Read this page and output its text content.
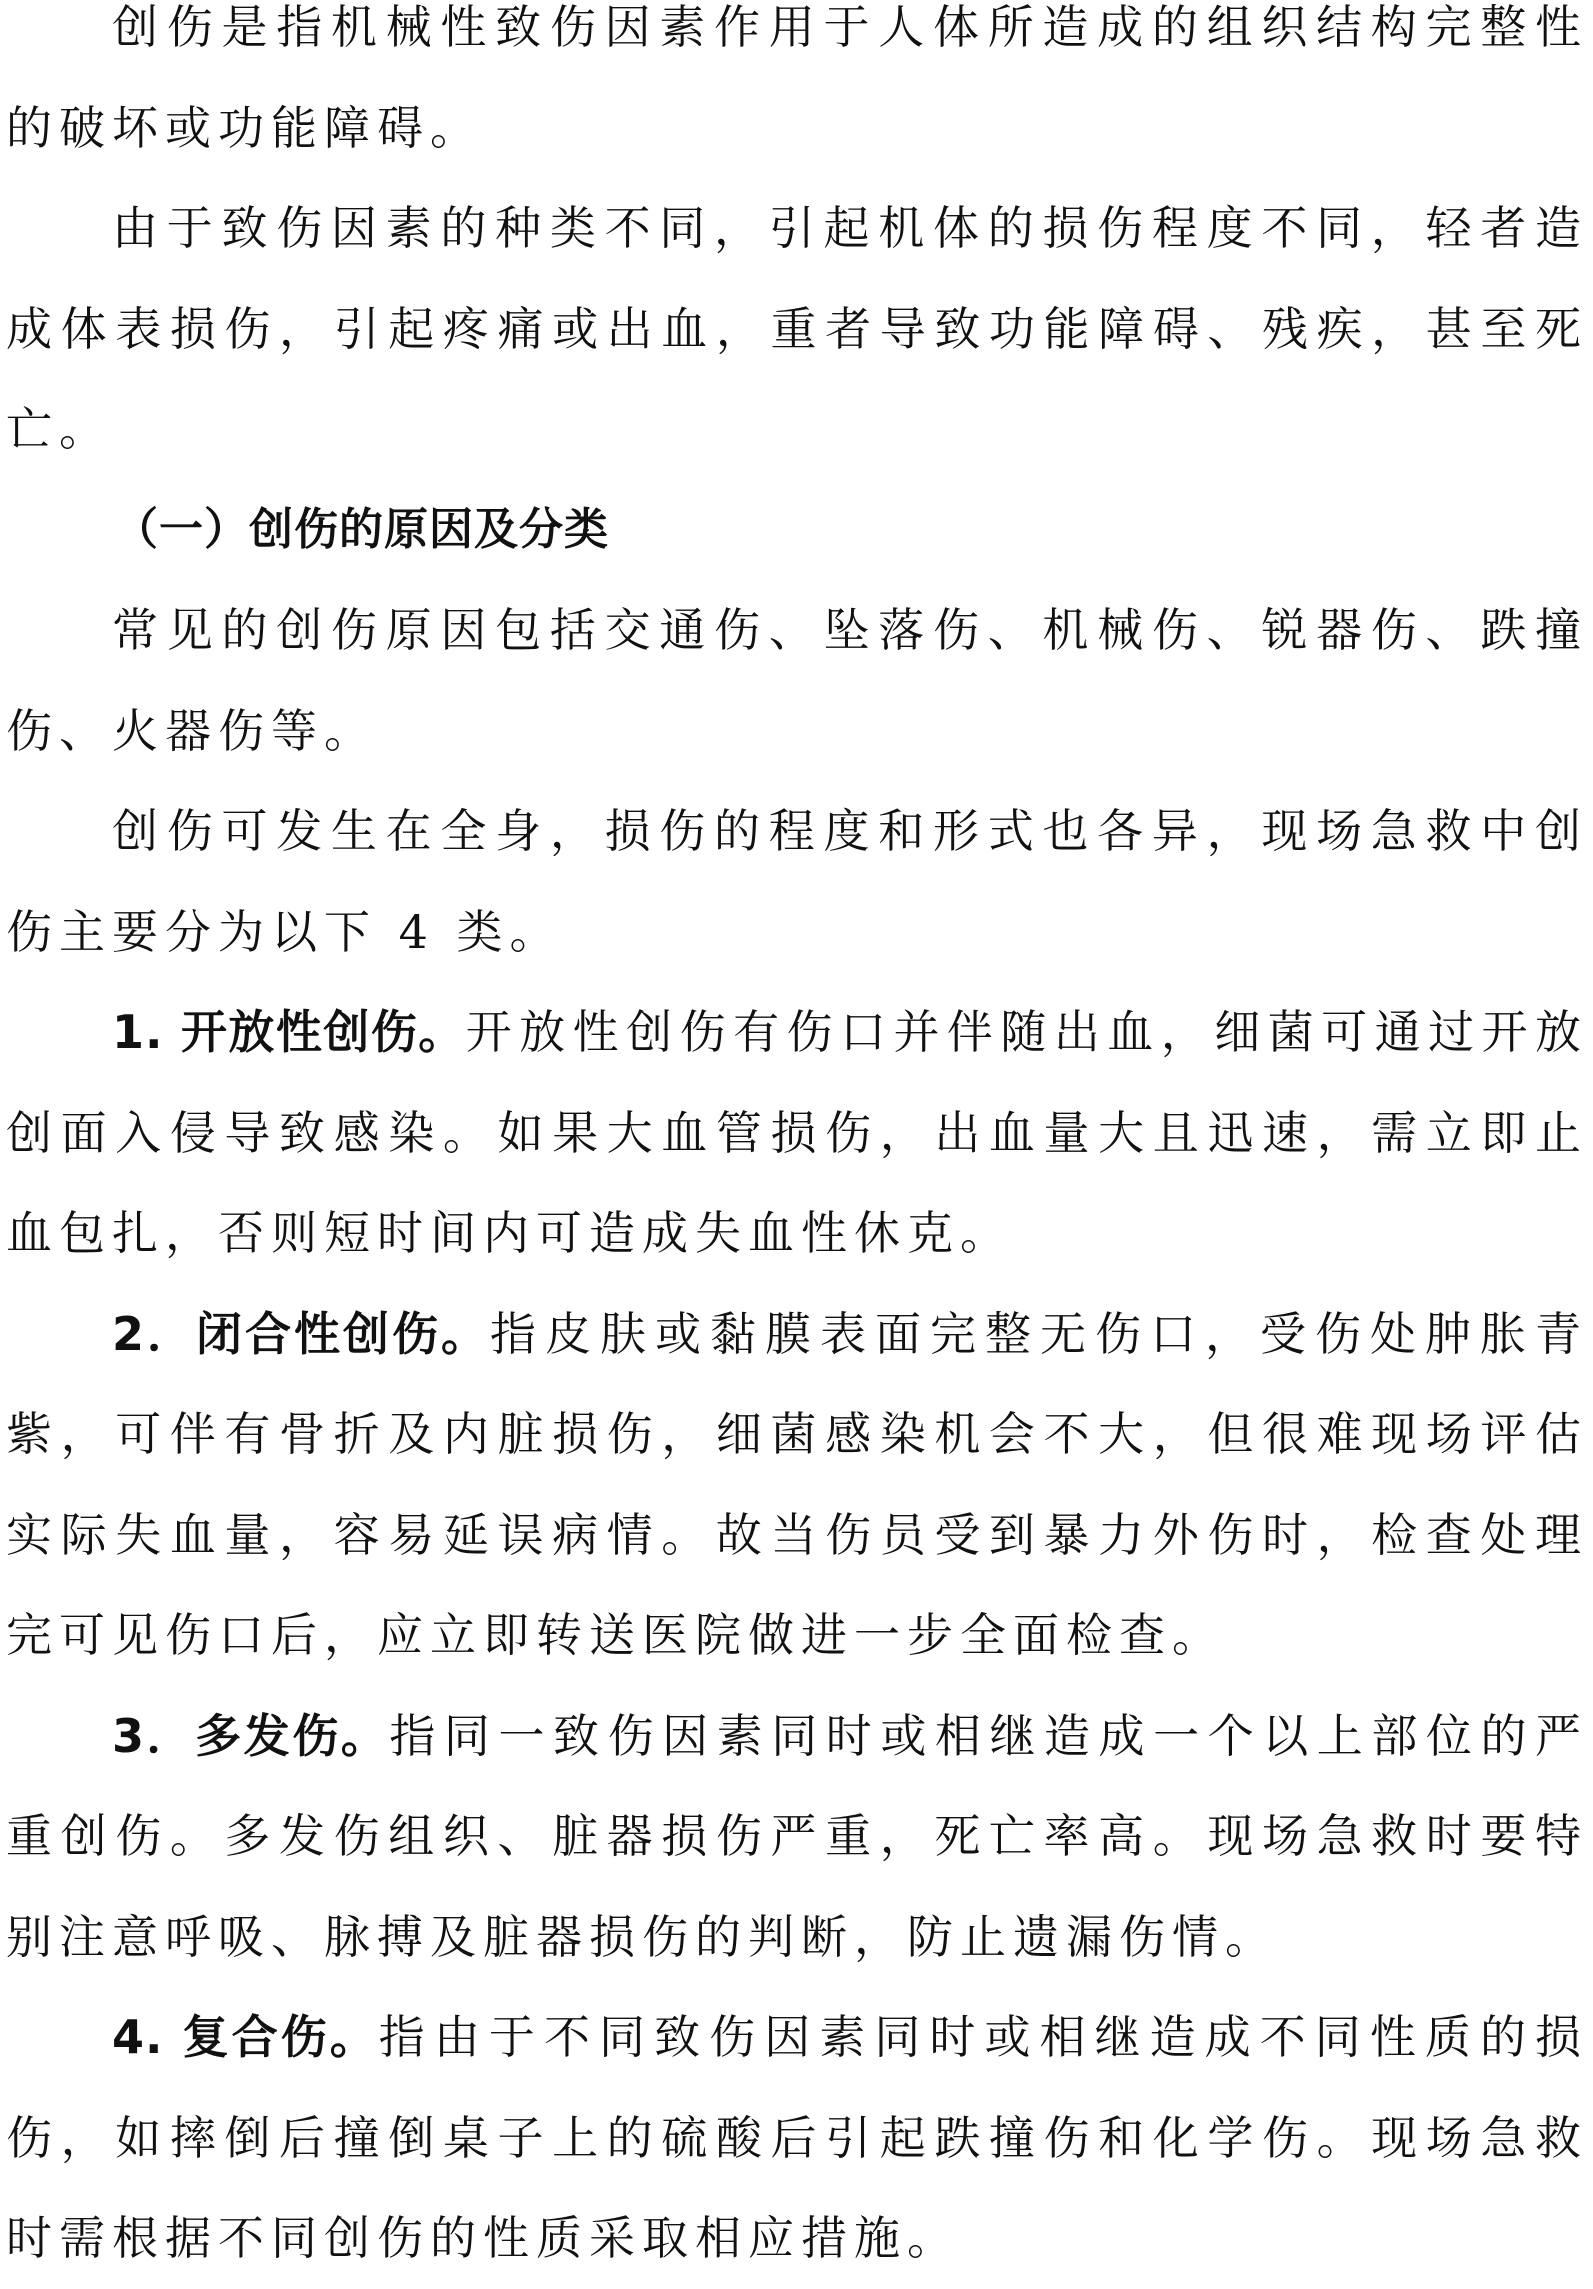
创伤是指机械性致伤因素作用于人体所造成的组织结构完整性的破坏或功能障碍。

由于致伤因素的种类不同，引起机体的损伤程度不同，轻者造成体表损伤，引起疼痛或出血，重者导致功能障碍、残疾，甚至死亡。

（一）创伤的原因及分类

常见的创伤原因包括交通伤、坠落伤、机械伤、锐器伤、跌撞伤、火器伤等。

创伤可发生在全身，损伤的程度和形式也各异，现场急救中创伤主要分为以下 4 类。

1. 开放性创伤。开放性创伤有伤口并伴随出血，细菌可通过开放创面入侵导致感染。如果大血管损伤，出血量大且迅速，需立即止血包扎，否则短时间内可造成失血性休克。

2．闭合性创伤。指皮肤或黏膜表面完整无伤口，受伤处肿胀青紫，可伴有骨折及内脏损伤，细菌感染机会不大，但很难现场评估实际失血量，容易延误病情。故当伤员受到暴力外伤时，检查处理完可见伤口后，应立即转送医院做进一步全面检查。

3．多发伤。指同一致伤因素同时或相继造成一个以上部位的严重创伤。多发伤组织、脏器损伤严重，死亡率高。现场急救时要特别注意呼吸、脉搏及脏器损伤的判断，防止遗漏伤情。

4. 复合伤。指由于不同致伤因素同时或相继造成不同性质的损伤，如摔倒后撞倒桌子上的硫酸后引起跌撞伤和化学伤。现场急救时需根据不同创伤的性质采取相应措施。
